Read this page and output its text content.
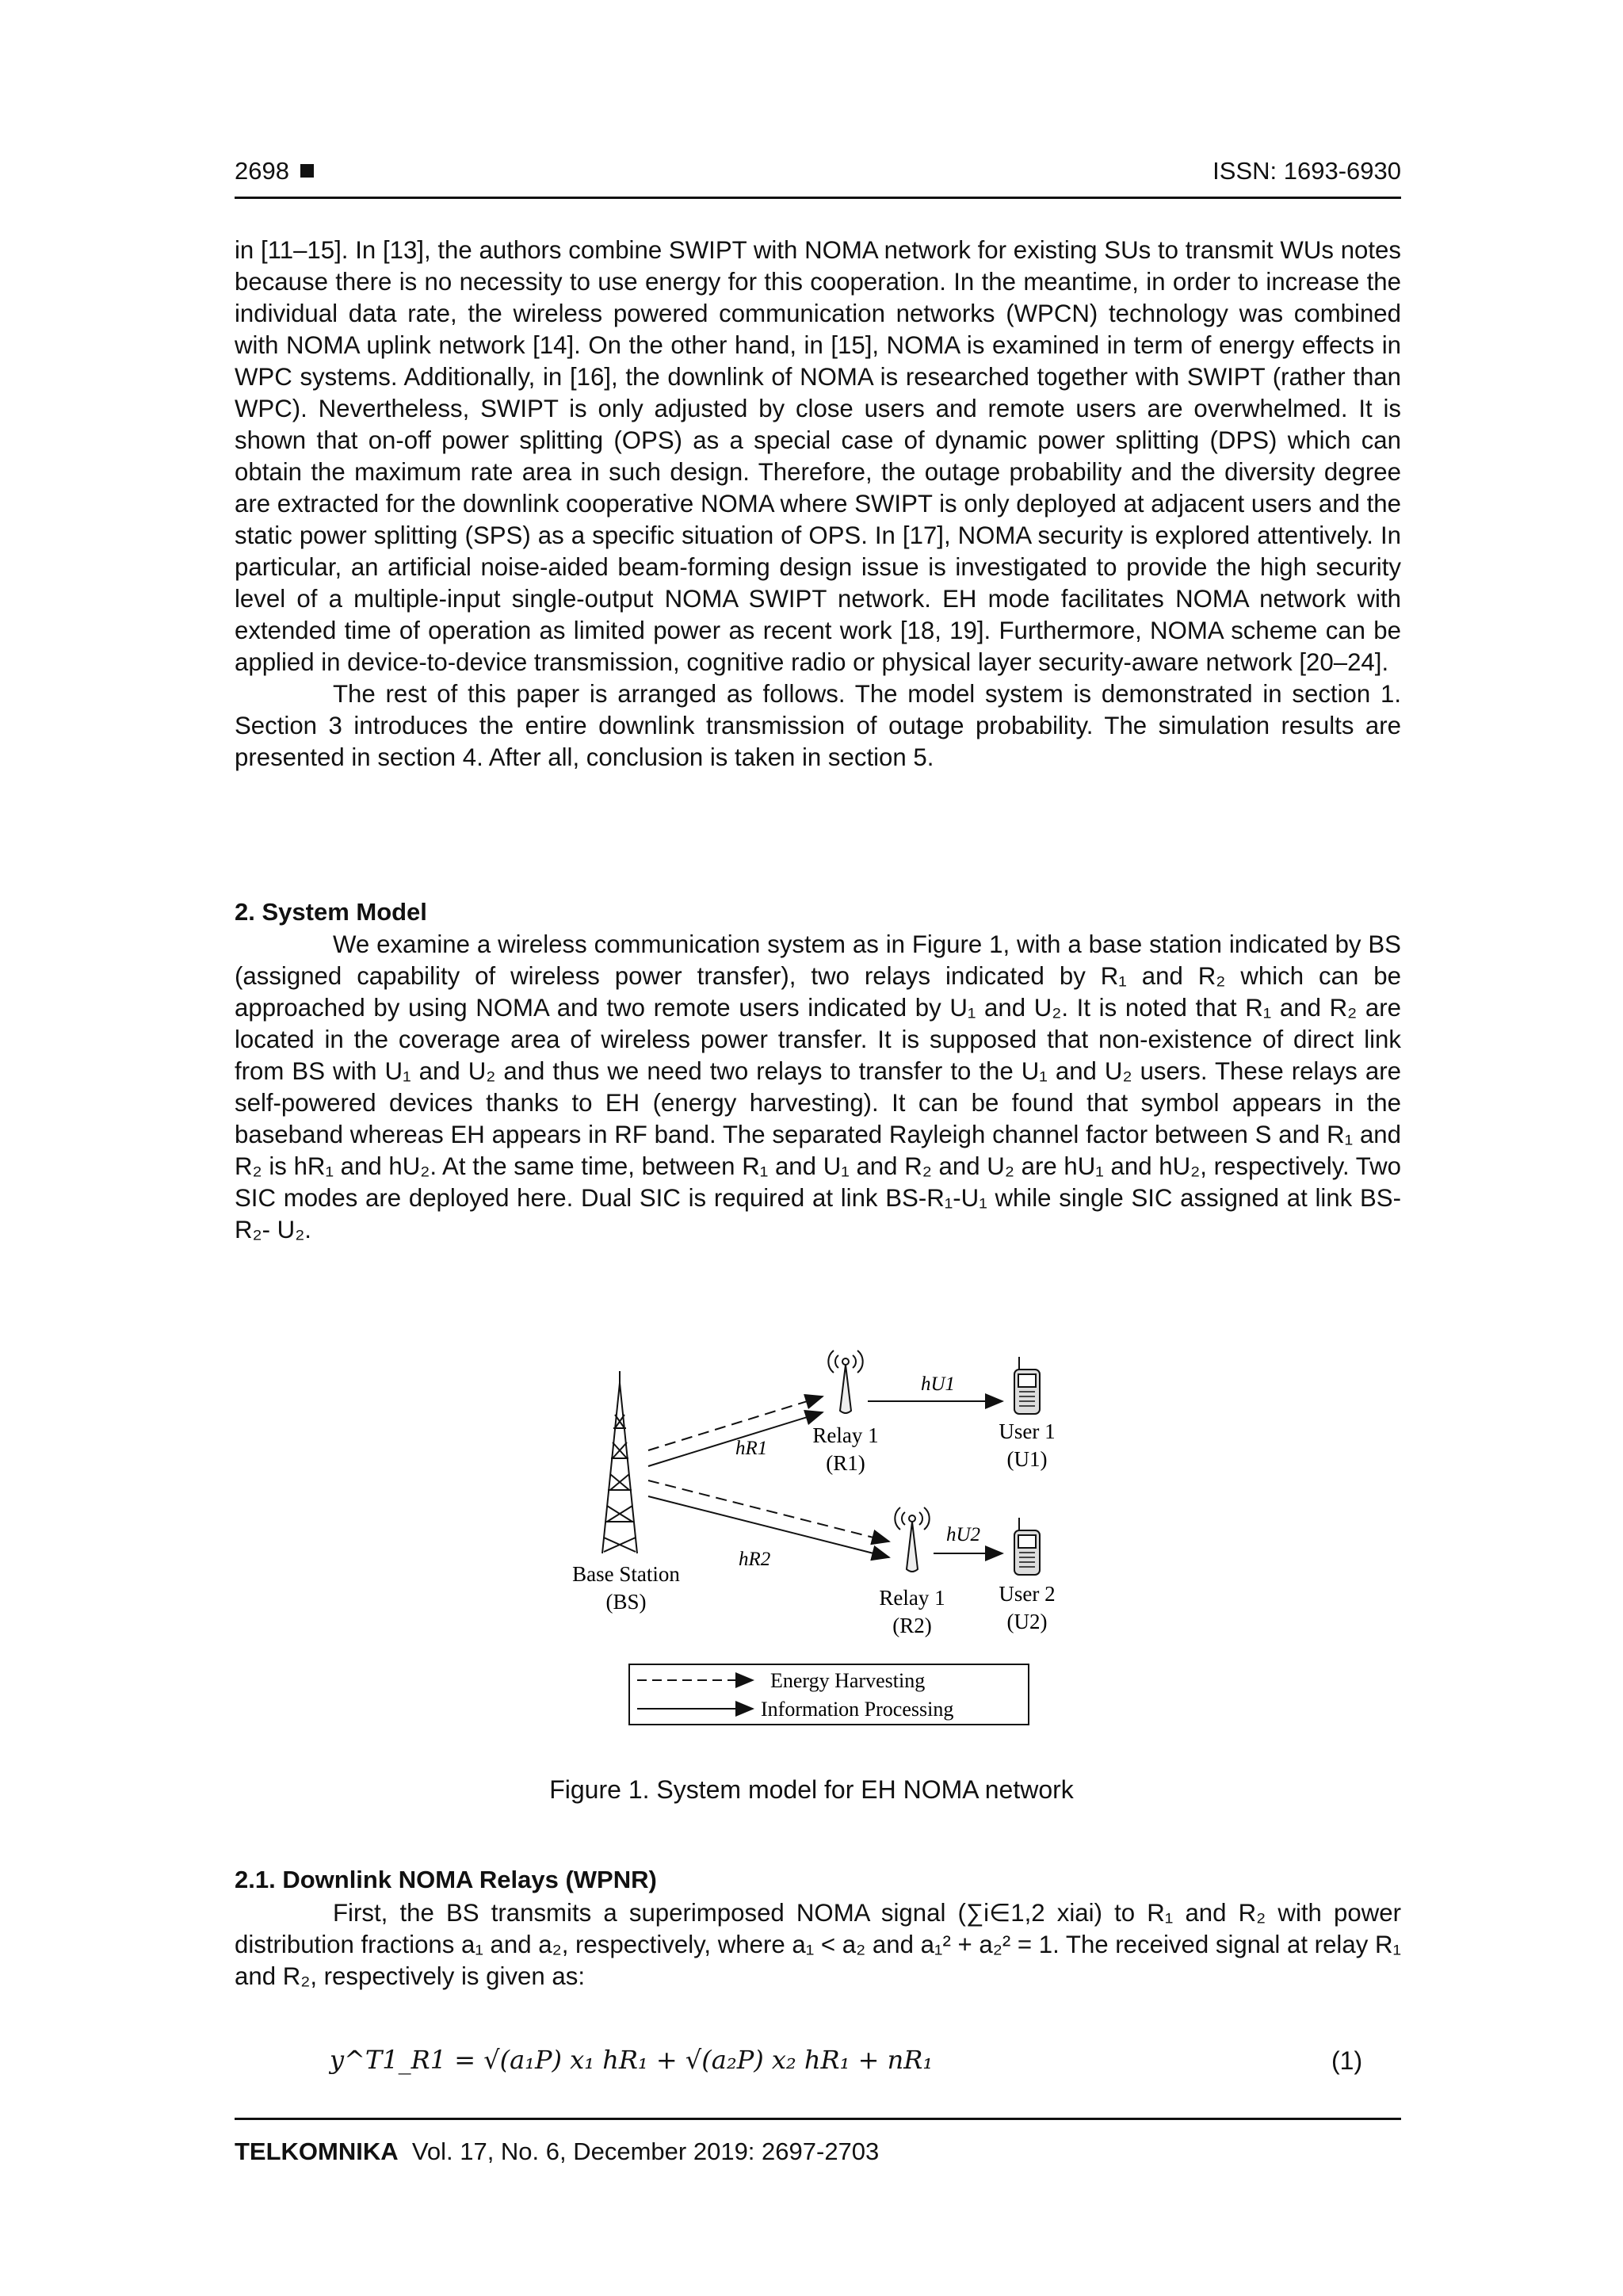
2698	ISSN: 1693-6930

in [11–15]. In [13], the authors combine SWIPT with NOMA network for existing SUs to transmit WUs notes because there is no necessity to use energy for this cooperation. In the meantime, in order to increase the individual data rate, the wireless powered communication networks (WPCN) technology was combined with NOMA uplink network [14]. On the other hand, in [15], NOMA is examined in term of energy effects in WPC systems. Additionally, in [16], the downlink of NOMA is researched together with SWIPT (rather than WPC). Nevertheless, SWIPT is only adjusted by close users and remote users are overwhelmed. It is shown that on-off power splitting (OPS) as a special case of dynamic power splitting (DPS) which can obtain the maximum rate area in such design. Therefore, the outage probability and the diversity degree are extracted for the downlink cooperative NOMA where SWIPT is only deployed at adjacent users and the static power splitting (SPS) as a specific situation of OPS. In [17], NOMA security is explored attentively. In particular, an artificial noise-aided beam-forming design issue is investigated to provide the high security level of a multiple-input single-output NOMA SWIPT network. EH mode facilitates NOMA network with extended time of operation as limited power as recent work [18, 19]. Furthermore, NOMA scheme can be applied in device-to-device transmission, cognitive radio or physical layer security-aware network [20–24].

The rest of this paper is arranged as follows. The model system is demonstrated in section 1. Section 3 introduces the entire downlink transmission of outage probability. The simulation results are presented in section 4. After all, conclusion is taken in section 5.

2. System Model

We examine a wireless communication system as in Figure 1, with a base station indicated by BS (assigned capability of wireless power transfer), two relays indicated by R₁ and R₂ which can be approached by using NOMA and two remote users indicated by U₁ and U₂. It is noted that R₁ and R₂ are located in the coverage area of wireless power transfer. It is supposed that non-existence of direct link from BS with U₁ and U₂ and thus we need two relays to transfer to the U₁ and U₂ users. These relays are self-powered devices thanks to EH (energy harvesting). It can be found that symbol appears in the baseband whereas EH appears in RF band. The separated Rayleigh channel factor between S and R₁ and R₂ is hR₁ and hU₂. At the same time, between R₁ and U₁ and R₂ and U₂ are hU₁ and hU₂, respectively. Two SIC modes are deployed here. Dual SIC is required at link BS-R₁-U₁ while single SIC assigned at link BS-R₂- U₂.

Base Station
(BS)
Relay 1
(R1)
Relay 1
(R2)
User 1
(U1)
User 2
(U2)
hR1
hR2
hU1
hU2
Energy Harvesting
Information Processing
Figure 1. System model for EH NOMA network
2.1. Downlink NOMA Relays (WPNR)

First, the BS transmits a superimposed NOMA signal (∑i∈1,2 xiai) to R₁ and R₂ with power distribution fractions a₁ and a₂, respectively, where a₁ < a₂ and a₁² + a₂² = 1. The received signal at relay R₁ and R₂, respectively is given as:

y^T1_R1 = √(a₁P) x₁ hR₁ + √(a₂P) x₂ hR₁ + nR₁	(1)
TELKOMNIKA Vol. 17, No. 6, December 2019: 2697-2703
